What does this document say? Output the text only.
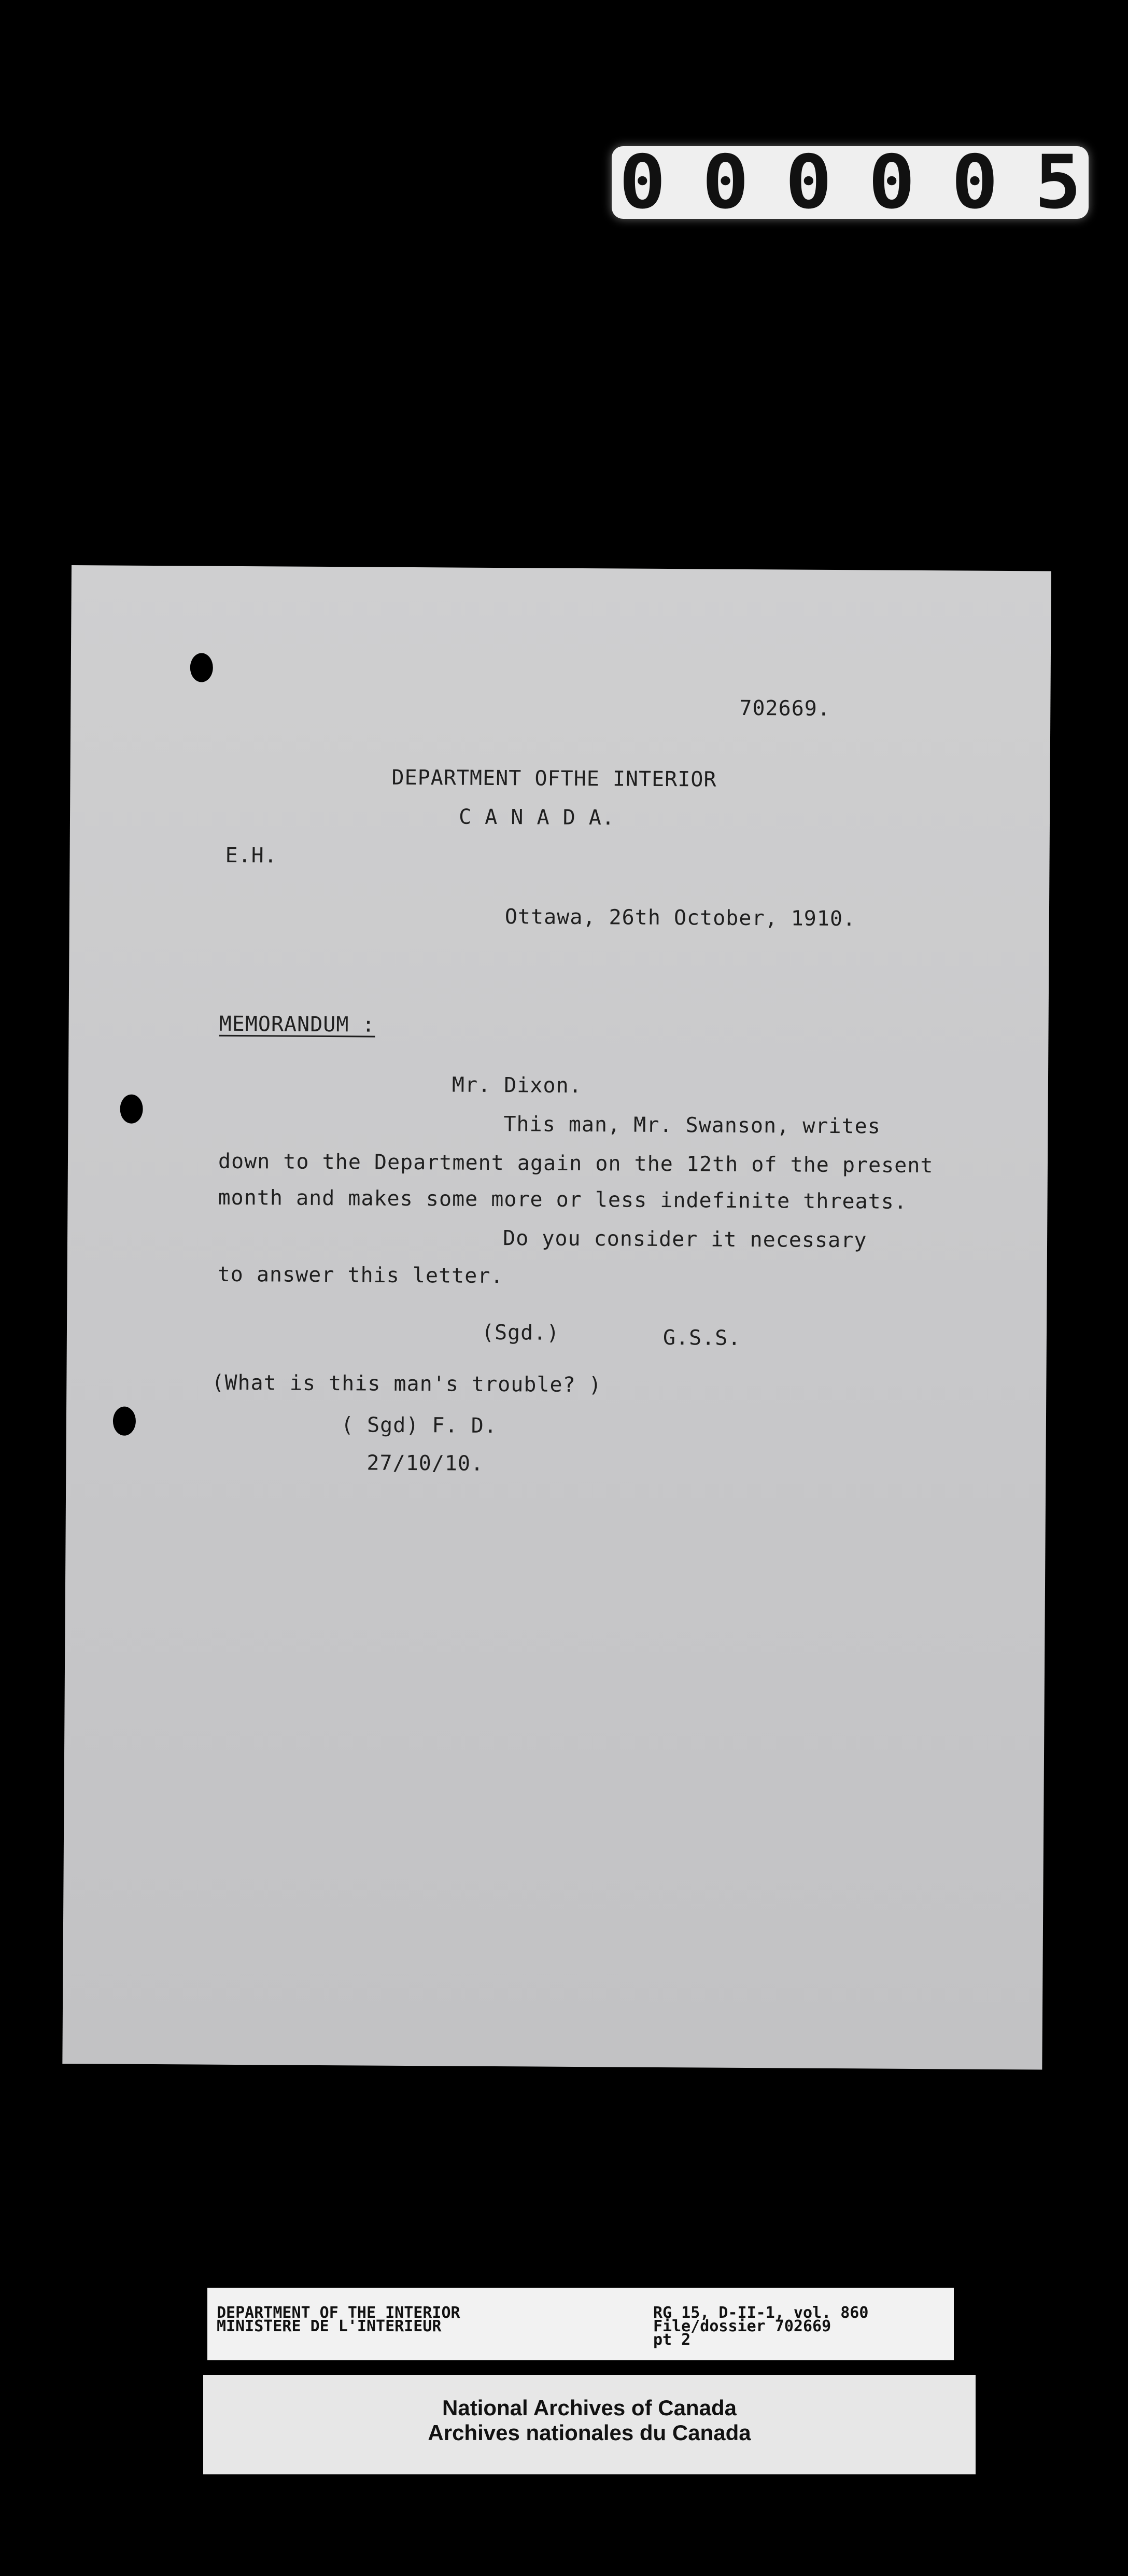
000005
702669.
DEPARTMENT OFTHE INTERIOR
C A N A D A.
E.H.
Ottawa, 26th October, 1910.
MEMORANDUM :
Mr. Dixon.
This man, Mr. Swanson, writes
down to the Department again on the 12th of the present
month and makes some more or less indefinite threats.
Do you consider it necessary
to answer this letter.
(Sgd.)	G.S.S.
(What is this man's trouble? )
( Sgd) F. D.
27/10/10.
DEPARTMENT OF THE INTERIOR
MINISTERE DE L'INTERIEUR
RG 15, D-II-1, vol. 860
File/dossier 702669
pt 2
National Archives of Canada
Archives nationales du Canada
